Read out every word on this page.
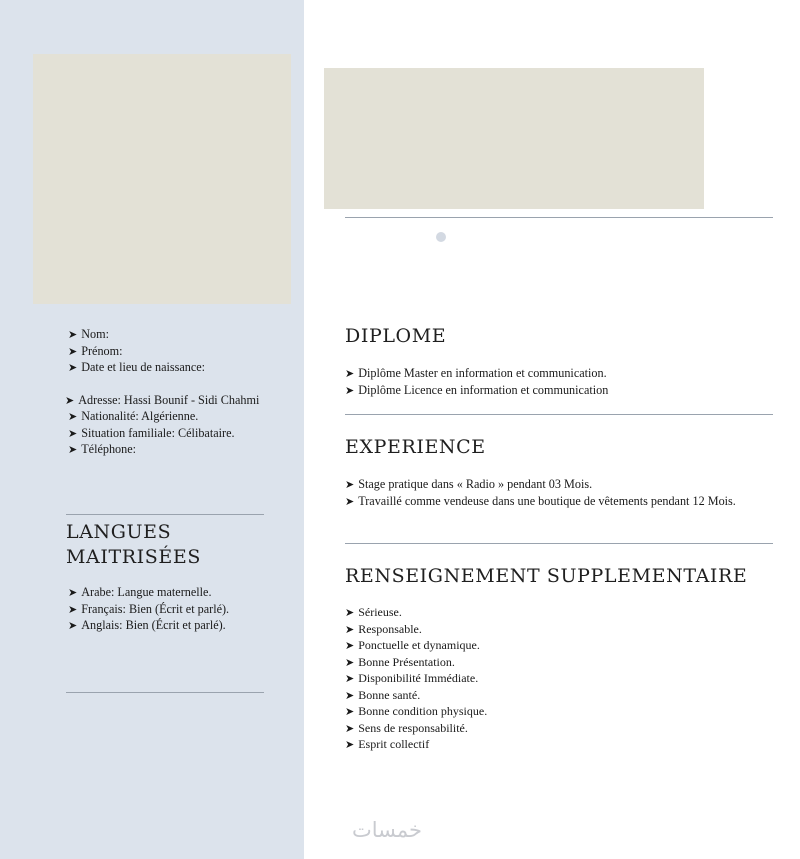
➤ Nom:
➤ Prénom:
➤ Date et lieu de naissance:
➤ Adresse: Hassi Bounif - Sidi Chahmi
➤ Nationalité: Algérienne.
➤ Situation familiale: Célibataire.
➤ Téléphone:
LANGUES
MAITRISÉES
➤ Arabe: Langue maternelle.
➤ Français: Bien (Écrit et parlé).
➤ Anglais: Bien (Écrit et parlé).
DIPLOME
➤ Diplôme Master en information et communication.
➤ Diplôme Licence en information et communication
EXPERIENCE
➤ Stage pratique dans « Radio » pendant 03 Mois.
➤ Travaillé comme vendeuse dans une boutique de vêtements pendant 12 Mois.
RENSEIGNEMENT SUPPLEMENTAIRE
➤ Sérieuse.
➤ Responsable.
➤ Ponctuelle et dynamique.
➤ Bonne Présentation.
➤ Disponibilité Immédiate.
➤ Bonne santé.
➤ Bonne condition physique.
➤ Sens de responsabilité.
➤ Esprit collectif
خمسات
